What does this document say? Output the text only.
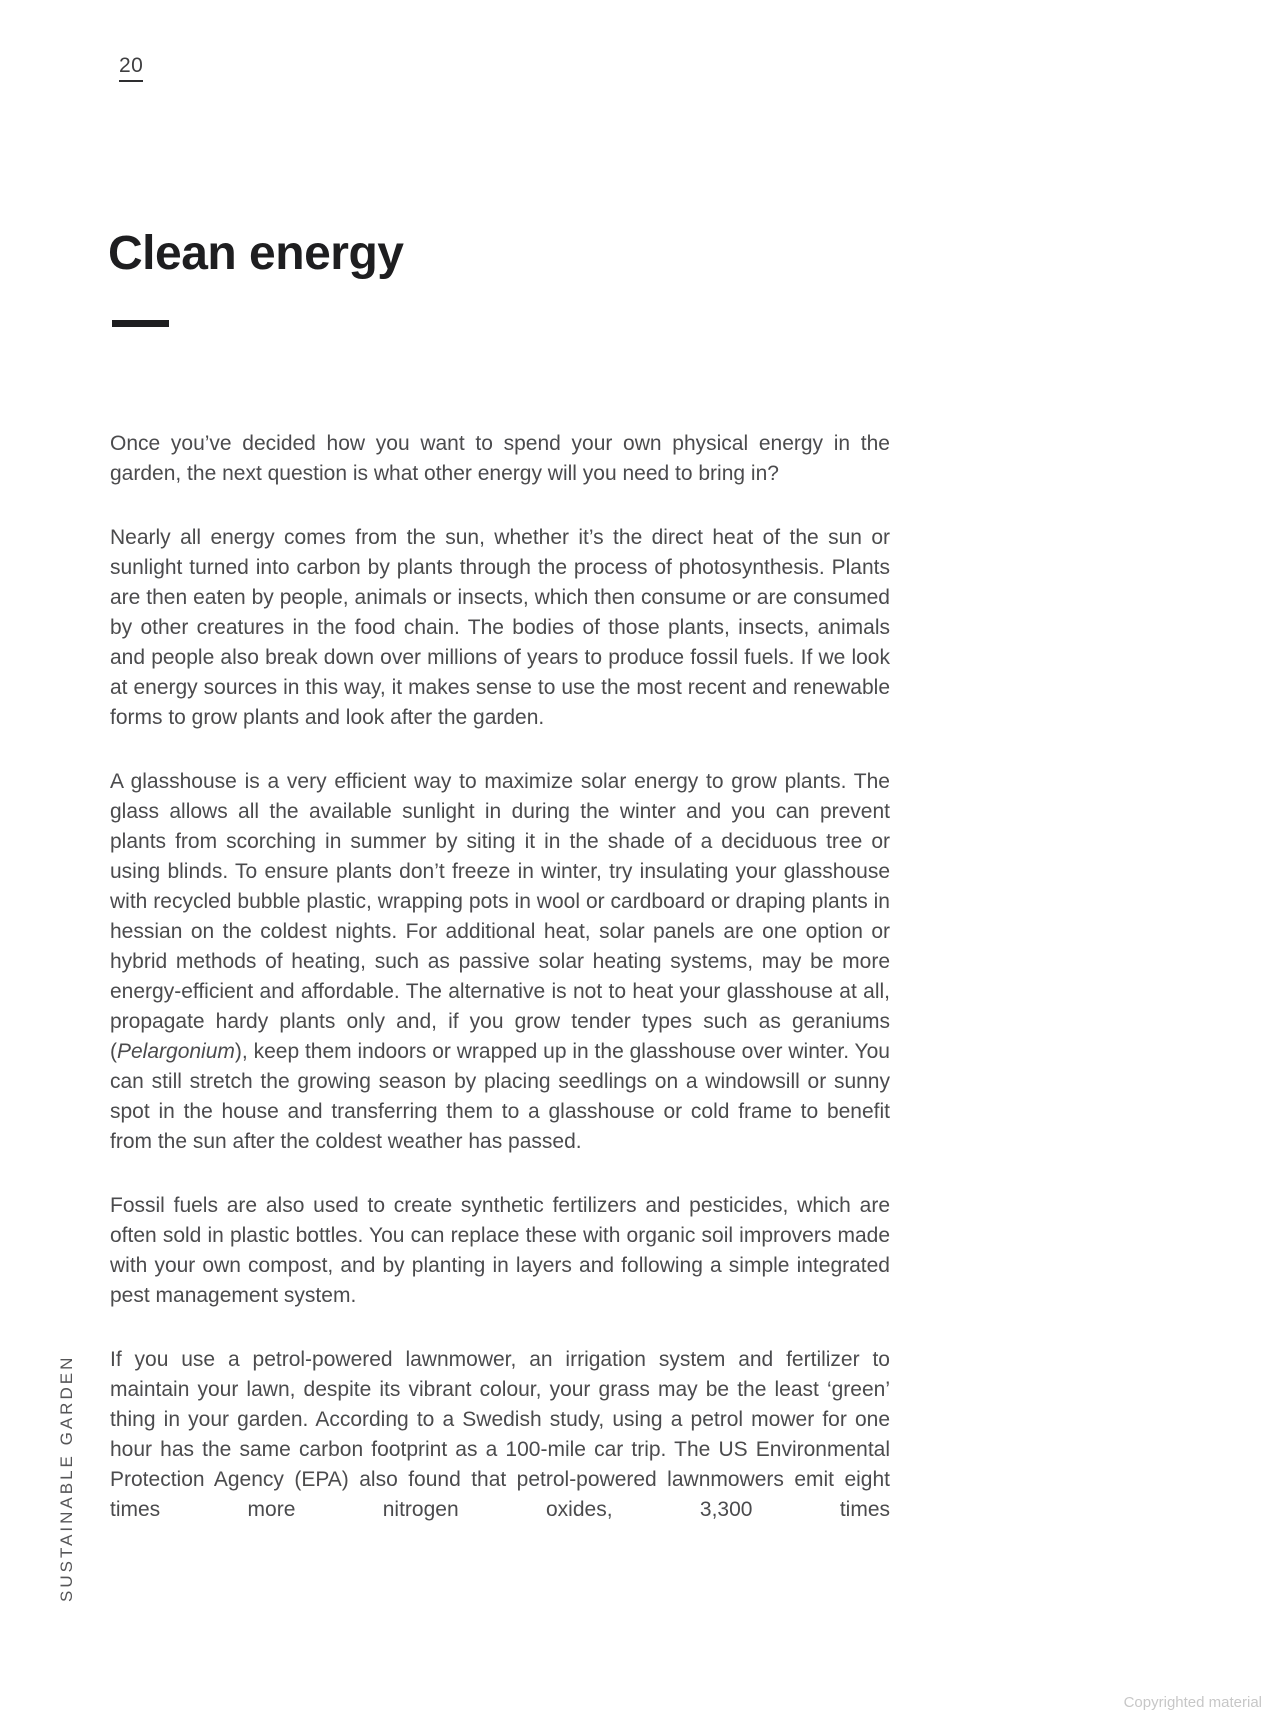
20
Clean energy

Once you’ve decided how you want to spend your own physical energy in the garden, the next question is what other energy will you need to bring in?

Nearly all energy comes from the sun, whether it’s the direct heat of the sun or sunlight turned into carbon by plants through the process of photosynthesis. Plants are then eaten by people, animals or insects, which then consume or are consumed by other creatures in the food chain. The bodies of those plants, insects, animals and people also break down over millions of years to produce fossil fuels. If we look at energy sources in this way, it makes sense to use the most recent and renewable forms to grow plants and look after the garden.

A glasshouse is a very efficient way to maximize solar energy to grow plants. The glass allows all the available sunlight in during the winter and you can prevent plants from scorching in summer by siting it in the shade of a deciduous tree or using blinds. To ensure plants don’t freeze in winter, try insulating your glasshouse with recycled bubble plastic, wrapping pots in wool or cardboard or draping plants in hessian on the coldest nights. For additional heat, solar panels are one option or hybrid methods of heating, such as passive solar heating systems, may be more energy-efficient and affordable. The alternative is not to heat your glasshouse at all, propagate hardy plants only and, if you grow tender types such as geraniums (Pelargonium), keep them indoors or wrapped up in the glasshouse over winter. You can still stretch the growing season by placing seedlings on a windowsill or sunny spot in the house and transferring them to a glasshouse or cold frame to benefit from the sun after the coldest weather has passed.

Fossil fuels are also used to create synthetic fertilizers and pesticides, which are often sold in plastic bottles. You can replace these with organic soil improvers made with your own compost, and by planting in layers and following a simple integrated pest management system.

If you use a petrol-powered lawnmower, an irrigation system and fertilizer to maintain your lawn, despite its vibrant colour, your grass may be the least ‘green’ thing in your garden. According to a Swedish study, using a petrol mower for one hour has the same carbon footprint as a 100-mile car trip. The US Environmental Protection Agency (EPA) also found that petrol-powered lawnmowers emit eight times more nitrogen oxides, 3,300 times

SUSTAINABLE GARDEN
Copyrighted material
